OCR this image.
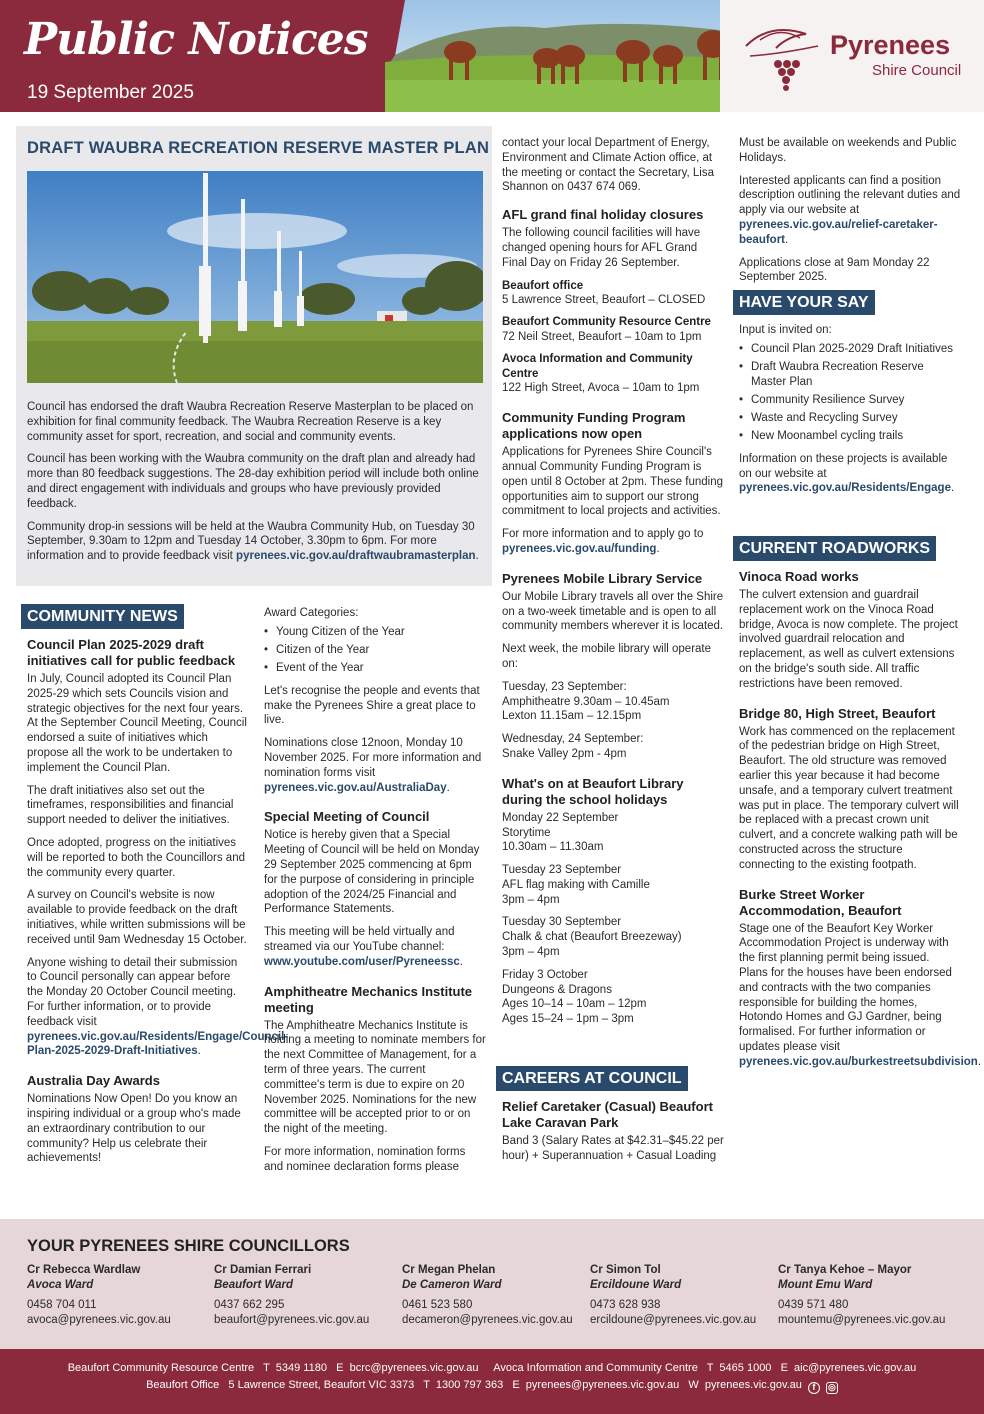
Public Notices
19 September 2025
Pyrenees
Shire Council
DRAFT WAUBRA RECREATION RESERVE MASTER PLAN

Council has endorsed the draft Waubra Recreation Reserve Masterplan to be placed on exhibition for final community feedback. The Waubra Recreation Reserve is a key community asset for sport, recreation, and social and community events.

Council has been working with the Waubra community on the draft plan and already had more than 80 feedback suggestions. The 28-day exhibition period will include both online and direct engagement with individuals and groups who have previously provided feedback.

Community drop-in sessions will be held at the Waubra Community Hub, on Tuesday 30 September, 9.30am to 12pm and Tuesday 14 October, 3.30pm to 6pm. For more information and to provide feedback visit pyrenees.vic.gov.au/draftwaubramasterplan.

COMMUNITY NEWS
Council Plan 2025-2029 draft initiatives call for public feedback

In July, Council adopted its Council Plan 2025-29 which sets Councils vision and strategic objectives for the next four years. At the September Council Meeting, Council endorsed a suite of initiatives which propose all the work to be undertaken to implement the Council Plan.

The draft initiatives also set out the timeframes, responsibilities and financial support needed to deliver the initiatives.

Once adopted, progress on the initiatives will be reported to both the Councillors and the community every quarter.

A survey on Council's website is now available to provide feedback on the draft initiatives, while written submissions will be received until 9am Wednesday 15 October.

Anyone wishing to detail their submission to Council personally can appear before the Monday 20 October Council meeting. For further information, or to provide feedback visit pyrenees.vic.gov.au/Residents/Engage/Council-Plan-2025-2029-Draft-Initiatives.

Australia Day Awards

Nominations Now Open! Do you know an inspiring individual or a group who's made an extraordinary contribution to our community? Help us celebrate their achievements!

Award Categories:

• Young Citizen of the Year
• Citizen of the Year
• Event of the Year

Let's recognise the people and events that make the Pyrenees Shire a great place to live.

Nominations close 12noon, Monday 10 November 2025. For more information and nomination forms visit pyrenees.vic.gov.au/AustraliaDay.

Special Meeting of Council

Notice is hereby given that a Special Meeting of Council will be held on Monday 29 September 2025 commencing at 6pm for the purpose of considering in principle adoption of the 2024/25 Financial and Performance Statements.

This meeting will be held virtually and streamed via our YouTube channel: www.youtube.com/user/Pyreneessc.

Amphitheatre Mechanics Institute meeting

The Amphitheatre Mechanics Institute is holding a meeting to nominate members for the next Committee of Management, for a term of three years. The current committee's term is due to expire on 20 November 2025. Nominations for the new committee will be accepted prior to or on the night of the meeting.

For more information, nomination forms and nominee declaration forms please

contact your local Department of Energy, Environment and Climate Action office, at the meeting or contact the Secretary, Lisa Shannon on 0437 674 069.

AFL grand final holiday closures

The following council facilities will have changed opening hours for AFL Grand Final Day on Friday 26 September.

Beaufort office
5 Lawrence Street, Beaufort – CLOSED
Beaufort Community Resource Centre
72 Neil Street, Beaufort – 10am to 1pm
Avoca Information and Community Centre
122 High Street, Avoca – 10am to 1pm
Community Funding Program applications now open

Applications for Pyrenees Shire Council's annual Community Funding Program is open until 8 October at 2pm. These funding opportunities aim to support our strong commitment to local projects and activities.

For more information and to apply go to pyrenees.vic.gov.au/funding.

Pyrenees Mobile Library Service

Our Mobile Library travels all over the Shire on a two-week timetable and is open to all community members wherever it is located.

Next week, the mobile library will operate on:

Tuesday, 23 September:
Amphitheatre 9.30am – 10.45am
Lexton 11.15am – 12.15pm
Wednesday, 24 September:
Snake Valley 2pm - 4pm
What's on at Beaufort Library during the school holidays
Monday 22 September
Storytime
10.30am – 11.30am
Tuesday 23 September
AFL flag making with Camille
3pm – 4pm
Tuesday 30 September
Chalk & chat (Beaufort Breezeway)
3pm – 4pm
Friday 3 October
Dungeons & Dragons
Ages 10–14 – 10am – 12pm
Ages 15–24 – 1pm – 3pm
CAREERS AT COUNCIL
Relief Caretaker (Casual) Beaufort Lake Caravan Park

Band 3 (Salary Rates at $42.31–$45.22 per hour) + Superannuation + Casual Loading

Must be available on weekends and Public Holidays.

Interested applicants can find a position description outlining the relevant duties and apply via our website at pyrenees.vic.gov.au/relief-caretaker-beaufort.

Applications close at 9am Monday 22 September 2025.

HAVE YOUR SAY

Input is invited on:

• Council Plan 2025-2029 Draft Initiatives
• Draft Waubra Recreation Reserve Master Plan
• Community Resilience Survey
• Waste and Recycling Survey
• New Moonambel cycling trails

Information on these projects is available on our website at pyrenees.vic.gov.au/Residents/Engage.

CURRENT ROADWORKS
Vinoca Road works

The culvert extension and guardrail replacement work on the Vinoca Road bridge, Avoca is now complete. The project involved guardrail relocation and replacement, as well as culvert extensions on the bridge's south side. All traffic restrictions have been removed.

Bridge 80, High Street, Beaufort

Work has commenced on the replacement of the pedestrian bridge on High Street, Beaufort. The old structure was removed earlier this year because it had become unsafe, and a temporary culvert treatment was put in place. The temporary culvert will be replaced with a precast crown unit culvert, and a concrete walking path will be constructed across the structure connecting to the existing footpath.

Burke Street Worker Accommodation, Beaufort

Stage one of the Beaufort Key Worker Accommodation Project is underway with the first planning permit being issued. Plans for the houses have been endorsed and contracts with the two companies responsible for building the homes, Hotondo Homes and GJ Gardner, being formalised. For further information or updates please visit pyrenees.vic.gov.au/burkestreetsubdivision.

YOUR PYRENEES SHIRE COUNCILLORS
Cr Rebecca Wardlaw
Avoca Ward
0458 704 011
avoca@pyrenees.vic.gov.au
Cr Damian Ferrari
Beaufort Ward
0437 662 295
beaufort@pyrenees.vic.gov.au
Cr Megan Phelan
De Cameron Ward
0461 523 580
decameron@pyrenees.vic.gov.au
Cr Simon Tol
Ercildoune Ward
0473 628 938
ercildoune@pyrenees.vic.gov.au
Cr Tanya Kehoe – Mayor
Mount Emu Ward
0439 571 480
mountemu@pyrenees.vic.gov.au
Beaufort Community Resource Centre   T  5349 1180   E  bcrc@pyrenees.vic.gov.au     Avoca Information and Community Centre   T  5465 1000   E  aic@pyrenees.vic.gov.au
Beaufort Office   5 Lawrence Street, Beaufort VIC 3373   T  1300 797 363   E  pyrenees@pyrenees.vic.gov.au   W  pyrenees.vic.gov.au f ◎
